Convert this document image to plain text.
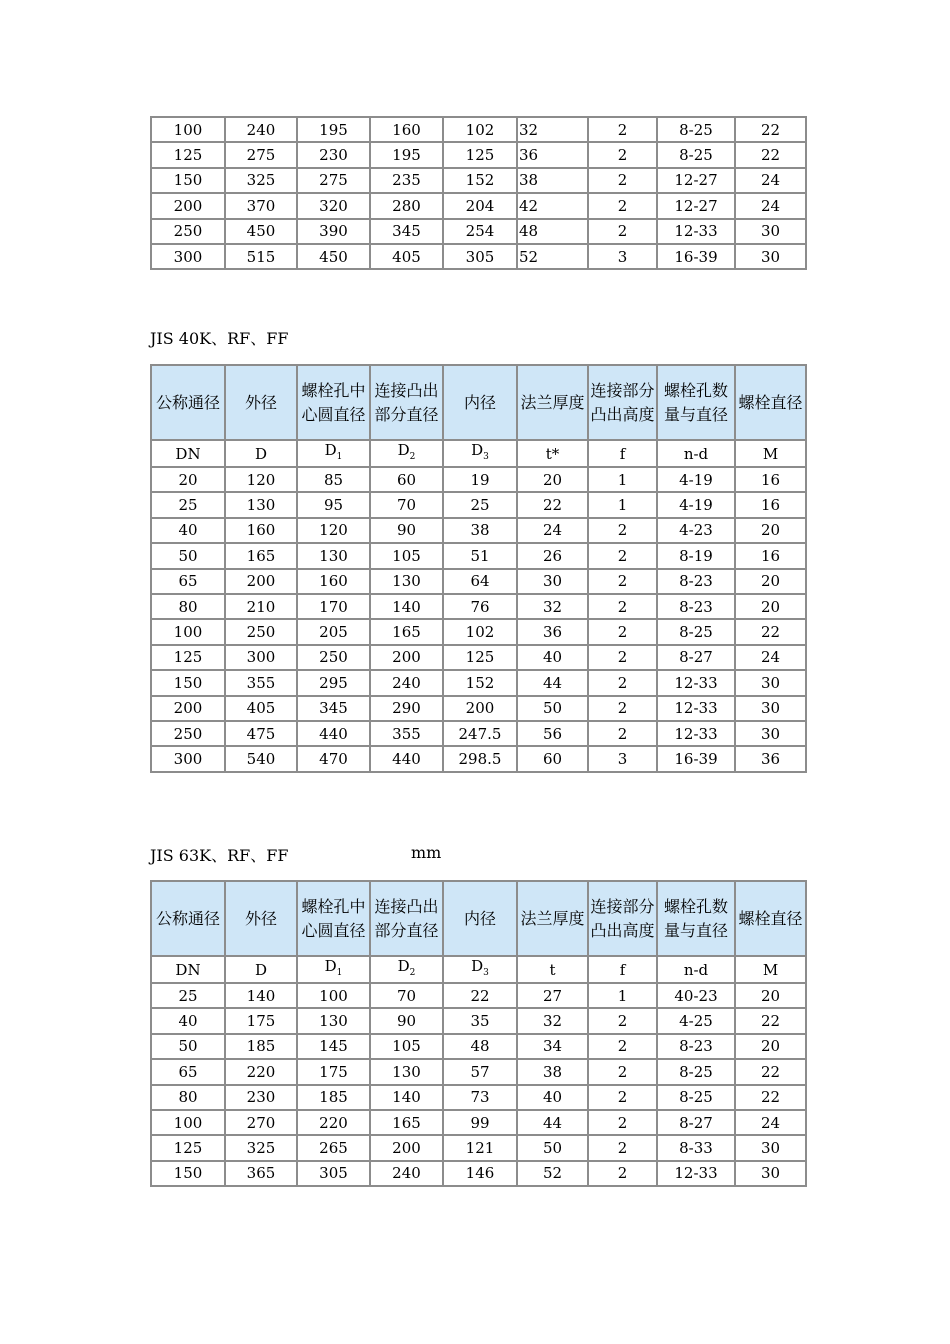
100	240	195	160	102	32	2	8-25	22
125	275	230	195	125	36	2	8-25	22
150	325	275	235	152	38	2	12-27	24
200	370	320	280	204	42	2	12-27	24
250	450	390	345	254	48	2	12-33	30
300	515	450	405	305	52	3	16-39	30
JIS 40K、RF、FF
公称通径	外径	螺栓孔中心圆直径	连接凸出部分直径	内径	法兰厚度	连接部分凸出高度	螺栓孔数量与直径	螺栓直径
DN	D	$D_1$	$D_2$	$D_3$	t*	f	n-d	M
20	120	85	60	19	20	1	4-19	16
25	130	95	70	25	22	1	4-19	16
40	160	120	90	38	24	2	4-23	20
50	165	130	105	51	26	2	8-19	16
65	200	160	130	64	30	2	8-23	20
80	210	170	140	76	32	2	8-23	20
100	250	205	165	102	36	2	8-25	22
125	300	250	200	125	40	2	8-27	24
150	355	295	240	152	44	2	12-33	30
200	405	345	290	200	50	2	12-33	30
250	475	440	355	247.5	56	2	12-33	30
300	540	470	440	298.5	60	3	16-39	36
JIS 63K、RF、FF	mm
公称通径	外径	螺栓孔中心圆直径	连接凸出部分直径	内径	法兰厚度	连接部分凸出高度	螺栓孔数量与直径	螺栓直径
DN	D	$D_1$	$D_2$	$D_3$	t	f	n-d	M
25	140	100	70	22	27	1	40-23	20
40	175	130	90	35	32	2	4-25	22
50	185	145	105	48	34	2	8-23	20
65	220	175	130	57	38	2	8-25	22
80	230	185	140	73	40	2	8-25	22
100	270	220	165	99	44	2	8-27	24
125	325	265	200	121	50	2	8-33	30
150	365	305	240	146	52	2	12-33	30
